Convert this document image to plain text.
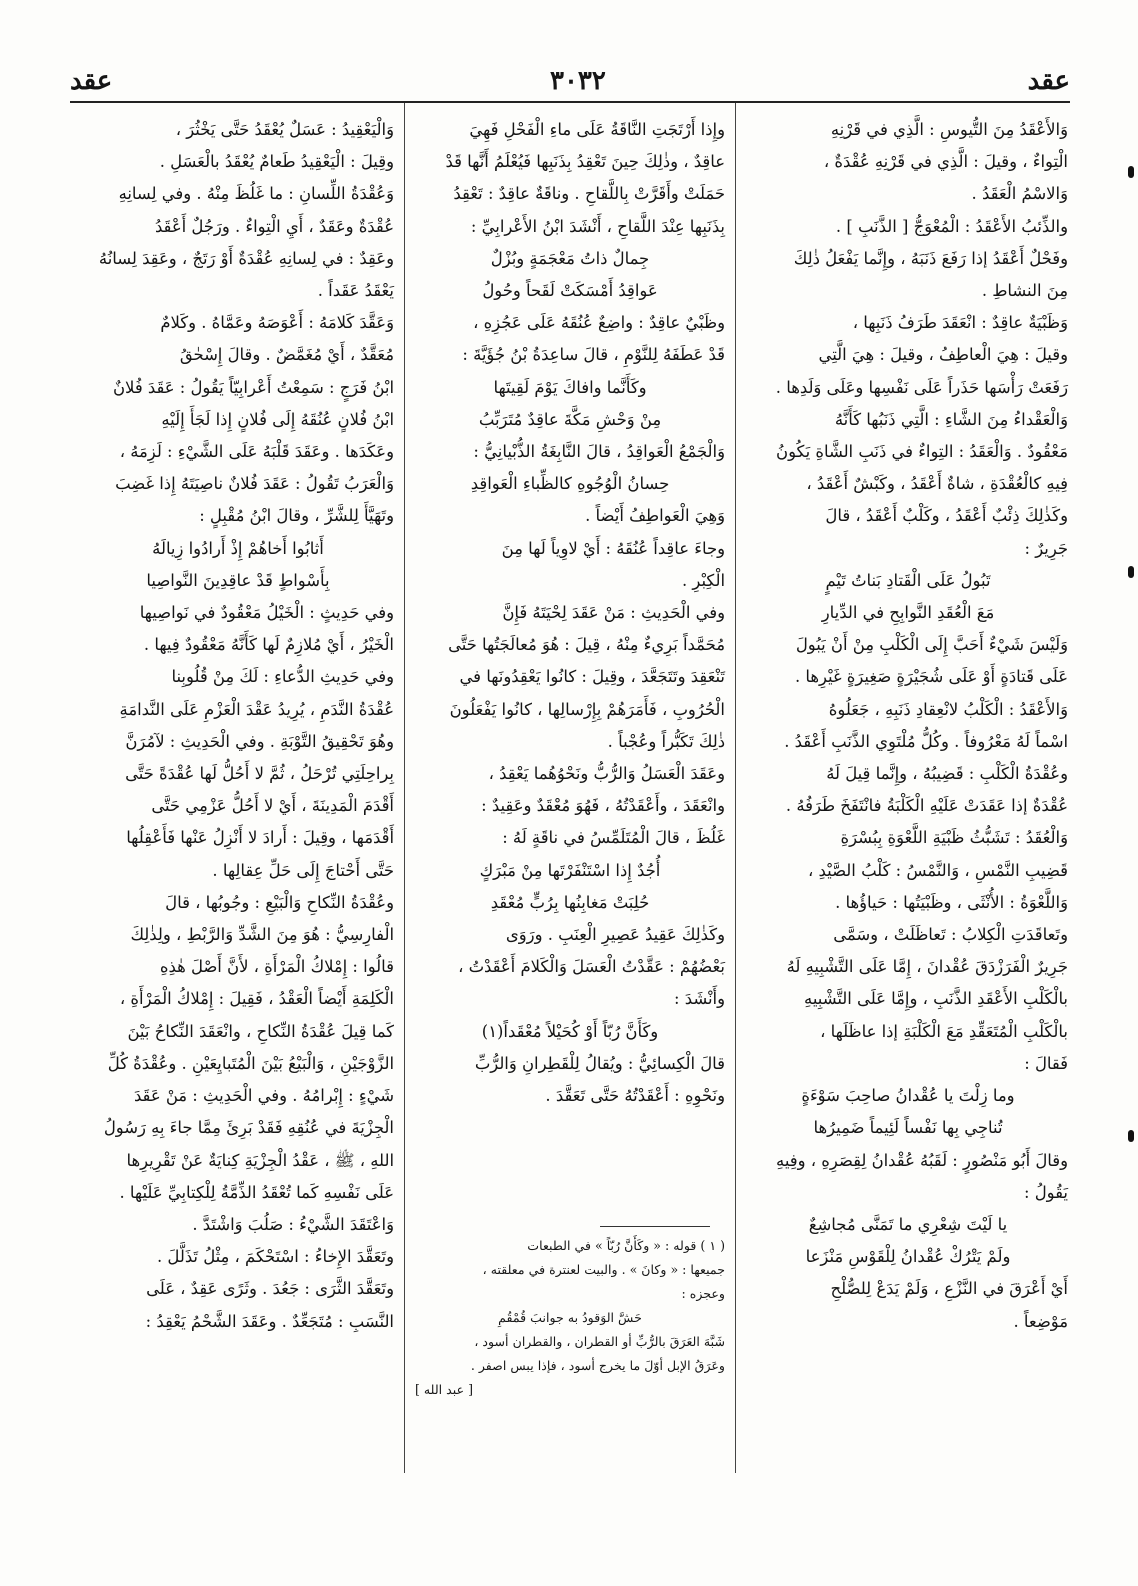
عقد
٣٠٣٢
عقد

وَالأَعْقَدُ مِنَ التُّيوسِ : الَّذِي في قَرْنِهِ

الْتِواءٌ ، وقيلَ : الَّذِي في قَرْنِهِ عُقْدَةٌ ،

وَالاسْمُ الْعَقَدُ .

والذِّئبُ الأَعْقَدُ : الْمُعْوَجُّ [ الذَّنَبِ ] .

وفَحْلٌ أَعْقَدُ إذا رَفَعَ ذَنَبَهُ ، وإِنَّما يَفْعَلُ ذٰلِكَ

مِنَ النشاطِ .

وَظَبْيَةٌ عاقِدٌ : انْعَقَدَ طَرَفُ ذَنَبِها ،

وقيلَ : هِيَ الْعاطِفُ ، وقيلَ : هِيَ الَّتِي

رَفَعَتْ رَأْسَها حَذَراً عَلَى نَفْسِها وعَلَى وَلَدِها .

وَالْعَقْداءُ مِنَ الشَّاءِ : الَّتِي ذَنَبُها كَأَنَّهُ

مَعْقُودٌ . وَالْعَقَدُ : التِواءٌ في ذَنَبِ الشَّاةِ يَكُونُ

فِيهِ كالْعُقْدَةِ ، شاةٌ أَعْقَدُ ، وكَبْشٌ أَعْقَدُ ،

وكَذٰلِكَ ذِئْبٌ أَعْقَدُ ، وكَلْبٌ أَعْقَدُ ، قالَ

جَرِيرٌ :

تَبُولُ عَلَى الْقَتادِ بَناتُ تَيْمٍ

مَعَ الْعُقَدِ النَّوابِحِ في الدِّيارِ

وَلَيْسَ شَيْءٌ أَحَبَّ إِلَى الْكَلْبِ مِنْ أَنْ يَبُولَ

عَلَى قَتادَةٍ أَوْ عَلَى شُجَيْرَةٍ صَغِيرَةٍ غَيْرِها .

وَالأَعْقَدُ : الْكَلْبُ لانْعِقادِ ذَنَبِهِ ، جَعَلُوهُ

اسْماً لَهُ مَعْرُوفاً . وكُلُّ مُلْتَوِي الذَّنَبِ أَعْقَدُ .

وعُقْدَةُ الْكَلْبِ : قَضِيبُهُ ، وإِنَّما قِيلَ لَهُ

عُقْدَةٌ إذا عَقَدَتْ عَلَيْهِ الْكَلْبَةُ فانْتَفَخَ طَرَفُهُ .

وَالْعُقَدُ : تَشَبُّثُ ظَبْيَةِ اللَّعْوَةِ بِبُسْرَةِ

قَضِيبِ النَّمْسِ ، وَالنَّمْسُ : كَلْبُ الصَّيْدِ ،

وَاللَّعْوَةُ : الأُنْثَى ، وظَبْيَتُها : حَياؤُها .

وتَعاقَدَتِ الْكِلابُ : تَعاظَلَتْ ، وسَمَّى

جَرِيرٌ الْفَرَزْدَقَ عُقْدانَ ، إِمَّا عَلَى التَّشْبِيهِ لَهُ

بالْكَلْبِ الأَعْقَدِ الذَّنَبِ ، وإِمَّا عَلَى التَّشْبِيهِ

بالْكَلْبِ الْمُتَعَقِّدِ مَعَ الْكَلْبَةِ إذا عاظَلَها ،

فَقالَ :

وما زِلْتَ يا عُقْدانُ صاحِبَ سَوْءَةٍ

تُناجِي بِها نَفْساً لَئِيماً ضَمِيرُها

وقالَ أَبُو مَنْصُورٍ : لَقَبُهُ عُقْدانُ لِقِصَرِهِ ، وفِيهِ

يَقُولُ :

يا لَيْتَ شِعْرِي ما تَمَنَّى مُجاشِعٌ

ولَمْ يَتْرُكْ عُقْدانُ لِلْقَوْسِ مَنْزَعا

أَيْ أَعْرَقَ في النَّزْعِ ، وَلَمْ يَدَعْ لِلصُّلْحِ

مَوْضِعاً .

وإِذا أَرْتَجَتِ النَّاقَةُ عَلَى ماءِ الْفَحْلِ فَهِيَ

عاقِدٌ ، وذٰلِكَ حِينَ تَعْقِدُ بِذَنَبِها فَيُعْلَمُ أَنَّها قَدْ

حَمَلَتْ وأَقَرَّتْ بِاللَّقاحِ . وناقَةٌ عاقِدٌ : تَعْقِدُ

بِذَنَبِها عِنْدَ اللَّقاحِ ، أَنْشَدَ ابْنُ الأَعْرابِيِّ :

جِمالٌ ذاتُ مَعْجَمَةٍ وبُزْلٌ

عَواقِدُ أَمْسَكَتْ لَقَحاً وحُولُ

وظَبْيٌ عاقِدٌ : واضِعٌ عُنُقَهُ عَلَى عَجُزِهِ ،

قَدْ عَطَفَهُ لِلنَّوْمِ ، قالَ ساعِدَةُ بْنُ جُؤَيَّةَ :

وكَأَنَّما وافاكَ يَوْمَ لَقِيتَها

مِنْ وَحْشِ مَكَّةَ عاقِدٌ مُتَرَبِّبُ

وَالْجَمْعُ الْعَواقِدُ ، قالَ النَّابِغَةُ الذُّبْيانِيُّ :

حِسانُ الْوُجُوهِ كالظِّباءِ الْعَواقِدِ

وَهِيَ الْعَواطِفُ أَيْضاً .

وجاءَ عاقِداً عُنُقَهُ : أَيْ لاوِياً لَها مِنَ

الْكِبْرِ .

وفي الْحَدِيثِ : مَنْ عَقَدَ لِحْيَتَهُ فَإِنَّ

مُحَمَّداً بَرِيءٌ مِنْهُ ، قِيلَ : هُوَ مُعالَجَتُها حَتَّى

تَنْعَقِدَ وتَتَجَعَّدَ ، وقِيلَ : كانُوا يَعْقِدُونَها في

الْحُرُوبِ ، فَأَمَرَهُمْ بِإِرْسالِها ، كانُوا يَفْعَلُونَ

ذٰلِكَ تَكَبُّراً وعُجْباً .

وعَقَدَ الْعَسَلُ وَالرُّبُّ ونَحْوُهُما يَعْقِدُ ،

وانْعَقَدَ ، وأَعْقَدْتُهُ ، فَهُوَ مُعْقَدٌ وعَقِيدٌ :

غَلُظَ ، قالَ الْمُتَلَمِّسُ في ناقَةٍ لَهُ :

أُجُدٌ إِذا اسْتَنْفَرْتَها مِنْ مَبْرَكٍ

حُلِبَتْ مَغابِنُها بِرُبٍّ مُعْقَدِ

وكَذٰلِكَ عَقِيدُ عَصِيرِ الْعِنَبِ . ورَوَى

بَعْضُهُمْ : عَقَّدْتُ الْعَسَلَ وَالْكَلامَ أَعْقَدْتُ ،

وأَنْشَدَ :

وكَأَنَّ رُبّاً أَوْ كُحَيْلاً مُعْقَداً(١)

قالَ الْكِسائِيُّ : ويُقالُ لِلْقَطِرانِ وَالرُّبِّ

ونَحْوِهِ : أَعْقَدْتُهُ حَتَّى تَعَقَّدَ .

وَالْيَعْقِيدُ : عَسَلٌ يُعْقَدُ حَتَّى يَخْثُرَ ،

وقِيلَ : الْيَعْقِيدُ طَعامٌ يُعْقَدُ بالْعَسَلِ .

وَعُقْدَةُ اللِّسانِ : ما غَلُظَ مِنْهُ . وفي لِسانِهِ

عُقْدَةٌ وعَقَدٌ ، أَيِ الْتِواءٌ . ورَجُلٌ أَعْقَدُ

وعَقِدٌ : في لِسانِهِ عُقْدَةٌ أَوْ رَتَجٌ ، وعَقِدَ لِسانُهُ

يَعْقَدُ عَقَداً .

وَعَقَّدَ كَلامَهُ : أَعْوَصَهُ وعَمَّاهُ . وكَلامٌ

مُعَقَّدٌ ، أَيْ مُغَمَّضٌ . وقالَ إِسْحٰقُ

ابْنُ فَرَجٍ : سَمِعْتُ أَعْرابِيّاً يَقُولُ : عَقَدَ فُلانٌ

ابْنُ فُلانٍ عُنُقَهُ إِلَى فُلانٍ إِذا لَجَأَ إِلَيْهِ

وعَكَدَها . وعَقَدَ قَلْبَهُ عَلَى الشَّيْءِ : لَزِمَهُ ،

وَالْعَرَبُ تَقُولُ : عَقَدَ فُلانٌ ناصِيَتَهُ إِذا غَضِبَ

وتَهَيَّأَ لِلشَّرِّ ، وقالَ ابْنُ مُقْبِلٍ :

أَثابُوا أَخاهُمْ إِذْ أَرادُوا زِيالَهُ

بِأَسْواطٍ قَدْ عاقِدِينَ النَّواصِيا

وفي حَدِيثٍ : الْخَيْلُ مَعْقُودٌ في نَواصِيها

الْخَيْرُ ، أَيْ مُلازِمٌ لَها كَأَنَّهُ مَعْقُودٌ فِيها .

وفي حَدِيثِ الدُّعاءِ : لَكَ مِنْ قُلُوبِنا

عُقْدَةُ النَّدَمِ ، يُرِيدُ عَقْدَ الْعَزْمِ عَلَى النَّدامَةِ

وهُوَ تَحْقِيقُ التَّوْبَةِ . وفي الْحَدِيثِ : لآمُرَنَّ

بِراحِلَتِي تُرْحَلُ ، ثُمَّ لا أَحُلُّ لَها عُقْدَةً حَتَّى

أَقْدَمَ الْمَدِينَةَ ، أَيْ لا أَحُلُّ عَزْمِي حَتَّى

أَقْدَمَها ، وقِيلَ : أَرادَ لا أَنْزِلُ عَنْها فَأَعْقِلُها

حَتَّى أَحْتاجَ إِلَى حَلِّ عِقالِها .

وعُقْدَةُ النِّكاحِ وَالْبَيْعِ : وجُوبُها ، قالَ

الْفارِسِيُّ : هُوَ مِنَ الشَّدِّ وَالرَّبْطِ ، ولِذٰلِكَ

قالُوا : إِمْلاكُ الْمَرْأَةِ ، لأَنَّ أَصْلَ هٰذِهِ

الْكَلِمَةِ أَيْضاً الْعَقْدُ ، فَقِيلَ : إِمْلاكُ الْمَرْأَةِ ،

كَما قِيلَ عُقْدَةُ النِّكاحِ ، وانْعَقَدَ النِّكاحُ بَيْنَ

الزَّوْجَيْنِ ، وَالْبَيْعُ بَيْنَ الْمُتَبايِعَيْنِ . وعُقْدَةُ كُلِّ

شَيْءٍ : إِبْرامُهُ . وفي الْحَدِيثِ : مَنْ عَقَدَ

الْجِزْيَةَ في عُنُقِهِ فَقَدْ بَرِئَ مِمَّا جاءَ بِهِ رَسُولُ

اللهِ ، ﷺ ، عَقْدُ الْجِزْيَةِ كِنايَةٌ عَنْ تَقْرِيرِها

عَلَى نَفْسِهِ كَما تُعْقَدُ الذِّمَّةُ لِلْكِتابِيِّ عَلَيْها .

وَاعْتَقَدَ الشَّيْءُ : صَلُبَ وَاشْتَدَّ .

وتَعَقَّدَ الإِخاءُ : اسْتَحْكَمَ ، مِثْلُ تَذَلَّلَ .

وتَعَقَّدَ الثَّرَى : جَعُدَ . وثَرًى عَقِدٌ ، عَلَى

النَّسَبِ : مُتَجَعِّدٌ . وعَقَدَ الشَّحْمُ يَعْقِدُ :

( ١ ) قوله : « وكَأَنَّ رُبّاً » في الطبعات

جميعها : « وكانَ » . والبيت لعنترة في معلقته ،

وعجزه :

حَشَّ الوَقودُ به جوانبَ قُمْقُمِ

شَبَّهَ العَرَقَ بالرُّبِّ أو القطران ، والقطران أسود ،

وعَرَقُ الإبل أوّلَ ما يخرج أسود ، فإذا يبس اصفر .

[ عبد الله ]
